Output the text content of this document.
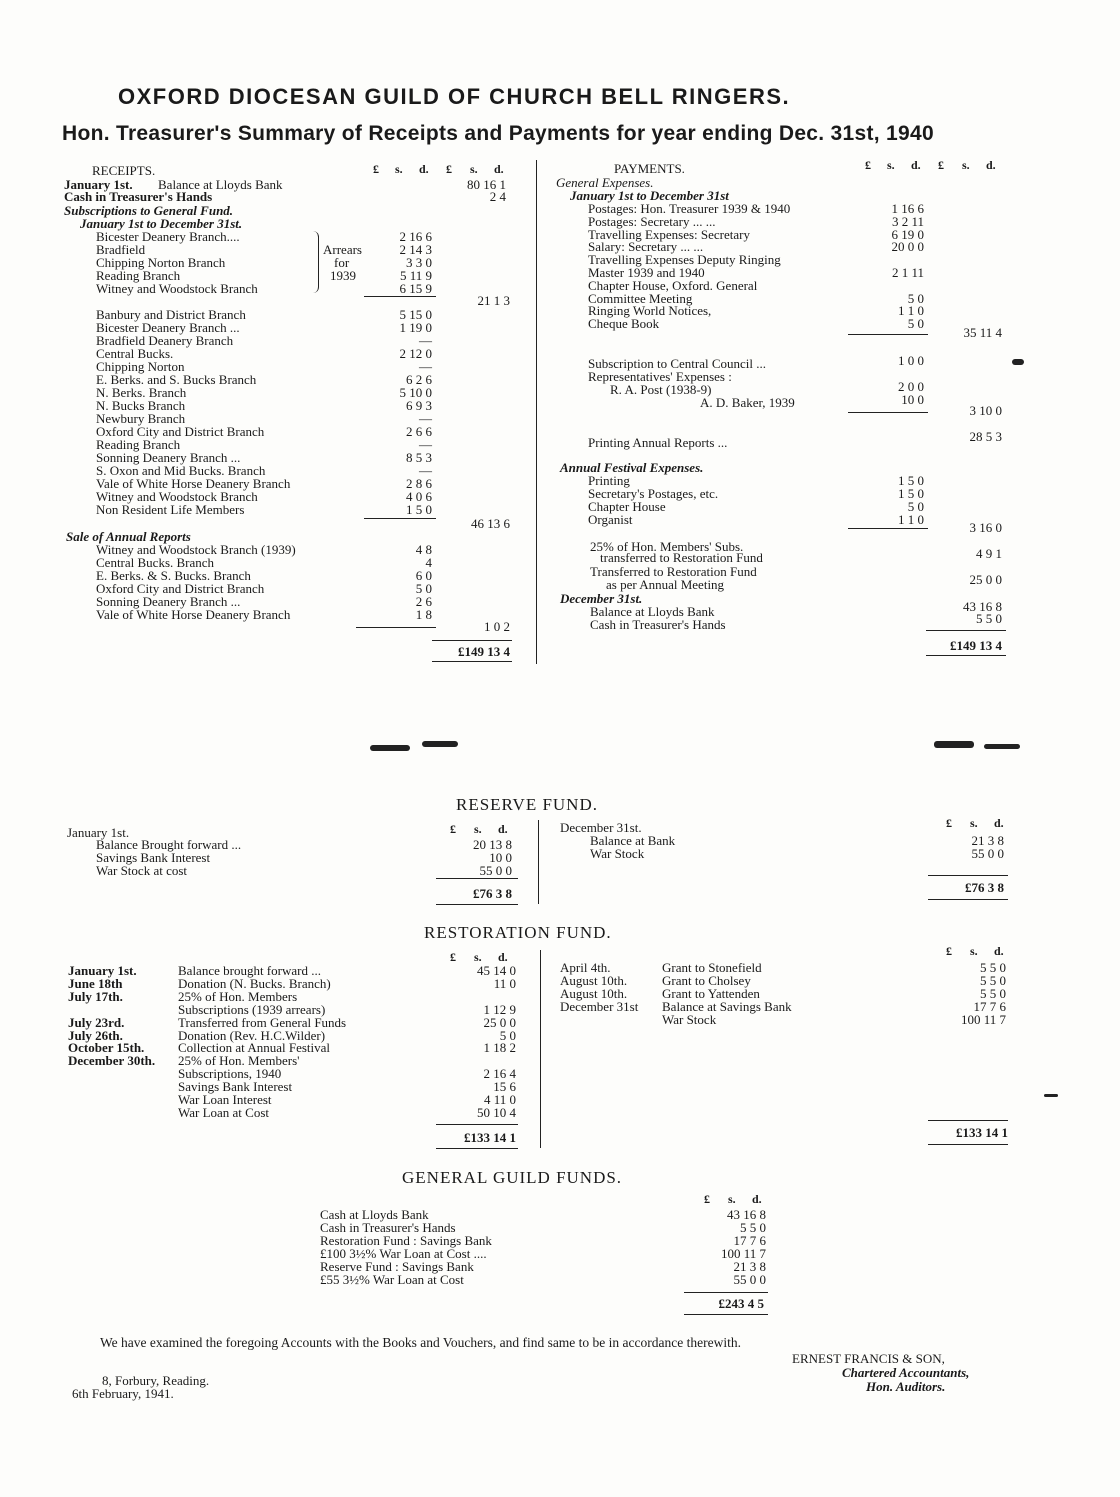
OXFORD DIOCESAN GUILD OF CHURCH BELL RINGERS.
Hon. Treasurer's Summary of Receipts and Payments for year ending Dec. 31st, 1940
RECEIPTS.	£ s. d. £ s. d.
January 1st. Balance at Lloyds Bank	80 16 1
Cash in Treasurer's Hands	2 4
Subscriptions to General Fund.
January 1st to December 31st.
Bicester Deanery Branch....	2 16 6
Bradfield	2 14 3
Chipping Norton Branch	3 3 0
Reading Branch	5 11 9
Witney and Woodstock Branch	6 15 9
Arrears
for
1939
21 1 3
Banbury and District Branch	5 15 0
Bicester Deanery Branch ...	1 19 0
Bradfield Deanery Branch	—
Central Bucks.	2 12 0
Chipping Norton	—
E. Berks. and S. Bucks Branch	6 2 6
N. Berks. Branch	5 10 0
N. Bucks Branch	6 9 3
Newbury Branch	—
Oxford City and District Branch	2 6 6
Reading Branch	—
Sonning Deanery Branch ...	8 5 3
S. Oxon and Mid Bucks. Branch	—
Vale of White Horse Deanery Branch	2 8 6
Witney and Woodstock Branch	4 0 6
Non Resident Life Members	1 5 0
46 13 6
Sale of Annual Reports
Witney and Woodstock Branch (1939)	4 8
Central Bucks. Branch	4
E. Berks. & S. Bucks. Branch	6 0
Oxford City and District Branch	5 0
Sonning Deanery Branch ...	2 6
Vale of White Horse Deanery Branch	1 8
1 0 2
£149 13 4
PAYMENTS.	£ s. d. £ s. d.
General Expenses.
January 1st to December 31st
Postages: Hon. Treasurer 1939 & 1940	1 16 6
Postages: Secretary ... ...	3 2 11
Travelling Expenses: Secretary	6 19 0
Salary: Secretary ... ...	20 0 0
Travelling Expenses Deputy Ringing
Master 1939 and 1940	2 1 11
Chapter House, Oxford. General
Committee Meeting	5 0
Ringing World Notices,	1 1 0
Cheque Book	5 0
35 11 4
Subscription to Central Council ...	1 0 0
Representatives' Expenses :
R. A. Post (1938-9)	2 0 0
A. D. Baker, 1939	10 0
3 10 0
Printing Annual Reports ...	28 5 3
Annual Festival Expenses.
Printing	1 5 0
Secretary's Postages, etc.	1 5 0
Chapter House	5 0
Organist	1 1 0
3 16 0
25% of Hon. Members' Subs.
transferred to Restoration Fund	4 9 1
Transferred to Restoration Fund
as per Annual Meeting	25 0 0
December 31st.
Balance at Lloyds Bank	43 16 8
Cash in Treasurer's Hands	5 5 0
£149 13 4
RESERVE FUND.
January 1st.	£ s. d.
Balance Brought forward ...	20 13 8
Savings Bank Interest	10 0
War Stock at cost	55 0 0
£76 3 8
December 31st.	£ s. d.
Balance at Bank	21 3 8
War Stock	55 0 0
£76 3 8
RESTORATION FUND.
£ s. d.
January 1st.	Balance brought forward ...	45 14 0
June 18th	Donation (N. Bucks. Branch)	11 0
July 17th.	25% of Hon. Members
Subscriptions (1939 arrears)	1 12 9
July 23rd.	Transferred from General Funds	25 0 0
July 26th.	Donation (Rev. H.C.Wilder)	5 0
October 15th.	Collection at Annual Festival	1 18 2
December 30th. 25% of Hon. Members'
Subscriptions, 1940	2 16 4
Savings Bank Interest	15 6
War Loan Interest	4 11 0
War Loan at Cost	50 10 4
£133 14 1
£ s. d.
April 4th.	Grant to Stonefield	5 5 0
August 10th.	Grant to Cholsey	5 5 0
August 10th.	Grant to Yattenden	5 5 0
December 31st Balance at Savings Bank	17 7 6
War Stock	100 11 7
£133 14 1
GENERAL GUILD FUNDS.
£ s. d.
Cash at Lloyds Bank	43 16 8
Cash in Treasurer's Hands	5 5 0
Restoration Fund : Savings Bank	17 7 6
£100 3½% War Loan at Cost ....	100 11 7
Reserve Fund : Savings Bank	21 3 8
£55 3½% War Loan at Cost	55 0 0
£243 4 5
We have examined the foregoing Accounts with the Books and Vouchers, and find same to be in accordance therewith.
ERNEST FRANCIS & SON,
Chartered Accountants,
Hon. Auditors.
8, Forbury, Reading.
6th February, 1941.
